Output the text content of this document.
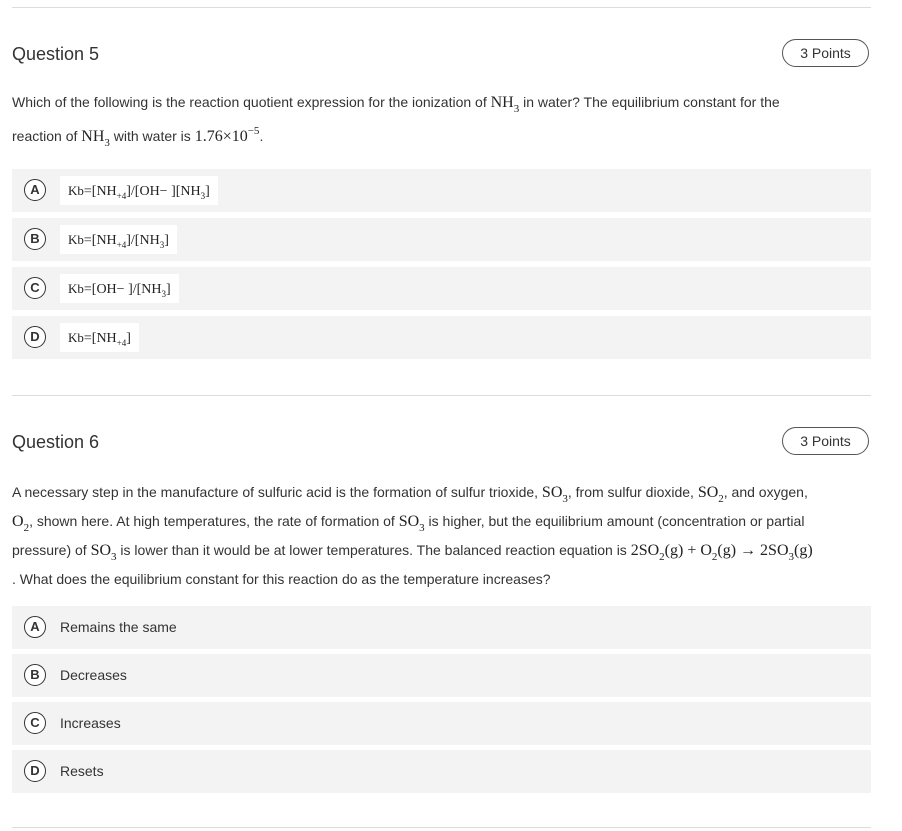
Question 5	3 Points
Which of the following is the reaction quotient expression for the ionization of $NH_3$ in water? The equilibrium constant for the
reaction of $NH_3$ with water is $1.76\times 10^{-5}$.
A	$Kb=[NH_{+4}]/[OH- ][NH_3]$
B	$Kb=[NH_{+4}]/[NH_3]$
C	$Kb=[OH- ]/[NH_3]$
D	$Kb=[NH_{+4}]$
Question 6	3 Points
A necessary step in the manufacture of sulfuric acid is the formation of sulfur trioxide, $SO_3$, from sulfur dioxide, $SO_2$, and oxygen,
$O_2$, shown here. At high temperatures, the rate of formation of $SO_3$ is higher, but the equilibrium amount (concentration or partial
pressure) of $SO_3$ is lower than it would be at lower temperatures. The balanced reaction equation is $2SO_2(g) + O_2(g) \to 2SO_3(g)$
. What does the equilibrium constant for this reaction do as the temperature increases?
A	Remains the same
B	Decreases
C	Increases
D	Resets
